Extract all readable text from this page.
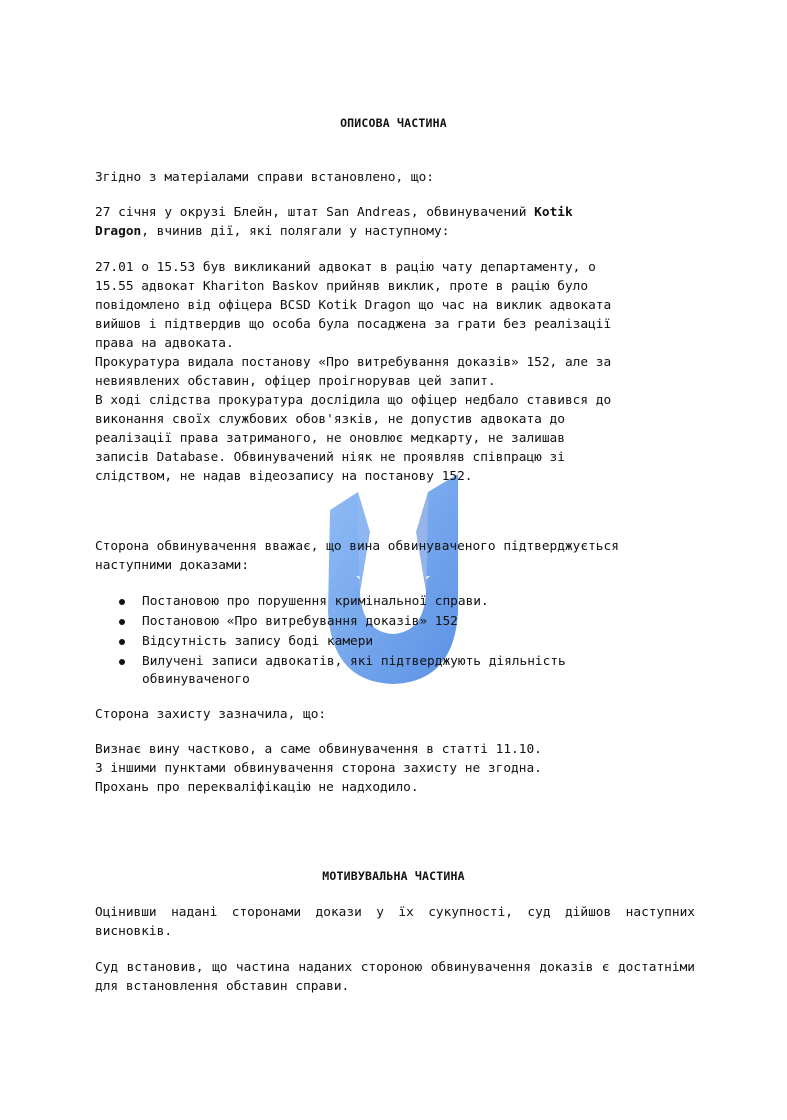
ОПИСОВА ЧАСТИНА
Згідно з матеріалами справи встановлено, що:
27 січня у окрузі Блейн, штат San Andreas, обвинувачений Kotik
Dragon, вчинив дії, які полягали у наступному:
27.01 о 15.53 був викликаний адвокат в рацію чату департаменту, о
15.55 адвокат Khariton Baskov прийняв виклик, проте в рацію було
повідомлено від офіцера BCSD Kotik Dragon що час на виклик адвоката
вийшов і підтвердив що особа була посаджена за грати без реалізації
права на адвоката.
Прокуратура видала постанову «Про витребування доказів» 152, але за
невиявлених обставин, офіцер проігнорував цей запит.
В ході слідства прокуратура дослідила що офіцер недбало ставився до
виконання своїх службових обов'язків, не допустив адвоката до
реалізації права затриманого, не оновлює медкарту, не залишав
записів Database. Обвинувачений ніяк не проявляв співпрацю зі
слідством, не надав відеозапису на постанову 152.
Сторона обвинувачення вважає, що вина обвинуваченого підтверджується
наступними доказами:
Постановою про порушення кримінальної справи.
Постановою «Про витребування доказів» 152
Відсутність запису боді камери
Вилучені записи адвокатів, які підтверджують діяльність обвинуваченого
Сторона захисту зазначила, що:
Визнає вину частково, а саме обвинувачення в статті 11.10.
З іншими пунктами обвинувачення сторона захисту не згодна.
Прохань про перекваліфікацію не надходило.
МОТИВУВАЛЬНА ЧАСТИНА
Оцінивши надані сторонами докази у їх сукупності, суд дійшов наступних висновків.
Суд встановив, що частина наданих стороною обвинувачення доказів є достатніми для встановлення обставин справи.
